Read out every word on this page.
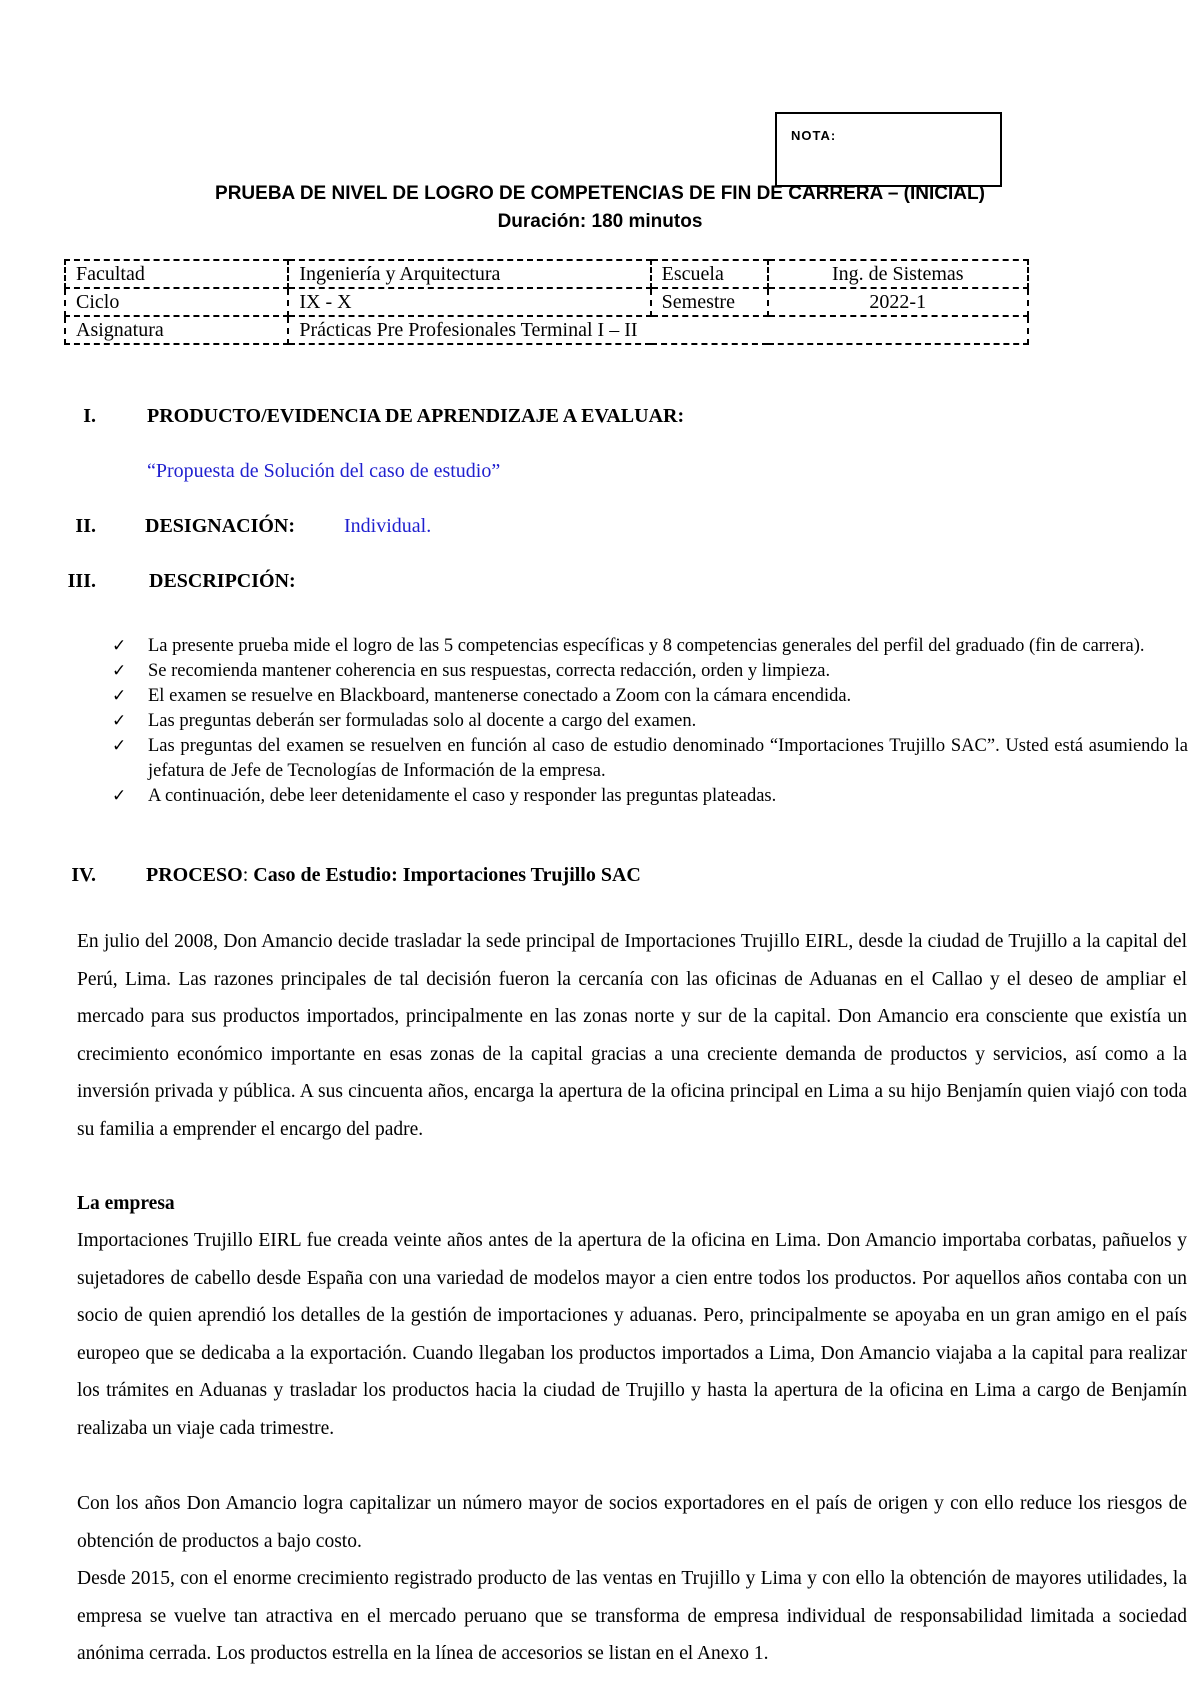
NOTA:
PRUEBA DE NIVEL DE LOGRO DE COMPETENCIAS DE FIN DE CARRERA – (INICIAL)
Duración: 180 minutos
Facultad	Ingeniería y Arquitectura	Escuela	Ing. de Sistemas
Ciclo	IX - X	Semestre	2022-1
Asignatura	Prácticas Pre Profesionales Terminal I – II		
I.	PRODUCTO/EVIDENCIA DE APRENDIZAJE A EVALUAR:
“Propuesta de Solución del caso de estudio”
II. DESIGNACIÓN: Individual.
III.	DESCRIPCIÓN:
✓ La presente prueba mide el logro de las 5 competencias específicas y 8 competencias generales del perfil del graduado (fin de carrera).
✓ Se recomienda mantener coherencia en sus respuestas, correcta redacción, orden y limpieza.
✓ El examen se resuelve en Blackboard, mantenerse conectado a Zoom con la cámara encendida.
✓ Las preguntas deberán ser formuladas solo al docente a cargo del examen.
✓ Las preguntas del examen se resuelven en función al caso de estudio denominado “Importaciones Trujillo SAC”. Usted está asumiendo la jefatura de Jefe de Tecnologías de Información de la empresa.
✓ A continuación, debe leer detenidamente el caso y responder las preguntas plateadas.
IV.	PROCESO: Caso de Estudio: Importaciones Trujillo SAC
En julio del 2008, Don Amancio decide trasladar la sede principal de Importaciones Trujillo EIRL, desde la ciudad de Trujillo a la capital del Perú, Lima. Las razones principales de tal decisión fueron la cercanía con las oficinas de Aduanas en el Callao y el deseo de ampliar el mercado para sus productos importados, principalmente en las zonas norte y sur de la capital. Don Amancio era consciente que existía un crecimiento económico importante en esas zonas de la capital gracias a una creciente demanda de productos y servicios, así como a la inversión privada y pública. A sus cincuenta años, encarga la apertura de la oficina principal en Lima a su hijo Benjamín quien viajó con toda su familia a emprender el encargo del padre.
La empresa
Importaciones Trujillo EIRL fue creada veinte años antes de la apertura de la oficina en Lima. Don Amancio importaba corbatas, pañuelos y sujetadores de cabello desde España con una variedad de modelos mayor a cien entre todos los productos. Por aquellos años contaba con un socio de quien aprendió los detalles de la gestión de importaciones y aduanas. Pero, principalmente se apoyaba en un gran amigo en el país europeo que se dedicaba a la exportación. Cuando llegaban los productos importados a Lima, Don Amancio viajaba a la capital para realizar los trámites en Aduanas y trasladar los productos hacia la ciudad de Trujillo y hasta la apertura de la oficina en Lima a cargo de Benjamín realizaba un viaje cada trimestre.
Con los años Don Amancio logra capitalizar un número mayor de socios exportadores en el país de origen y con ello reduce los riesgos de obtención de productos a bajo costo.
Desde 2015, con el enorme crecimiento registrado producto de las ventas en Trujillo y Lima y con ello la obtención de mayores utilidades, la empresa se vuelve tan atractiva en el mercado peruano que se transforma de empresa individual de responsabilidad limitada a sociedad anónima cerrada. Los productos estrella en la línea de accesorios se listan en el Anexo 1.
